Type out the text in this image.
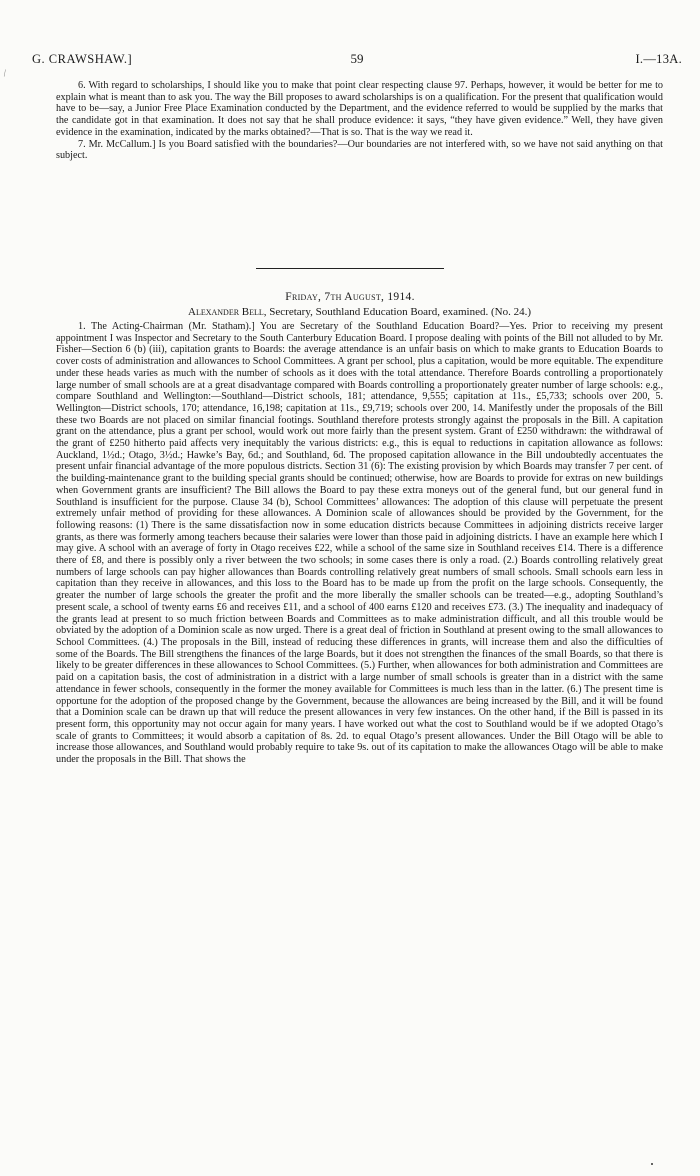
⁄
G. CRAWSHAW.]	59	I.—13A.

6. With regard to scholarships, I should like you to make that point clear respecting clause 97. Perhaps, however, it would be better for me to explain what is meant than to ask you. The way the Bill proposes to award scholarships is on a qualification. For the present that qualification would have to be—say, a Junior Free Place Examination conducted by the Department, and the evidence referred to would be supplied by the marks that the candidate got in that examination. It does not say that he shall produce evidence: it says, “they have given evidence.” Well, they have given evidence in the examination, indicated by the marks obtained?—That is so. That is the way we read it.

7. Mr. McCallum.] Is you Board satisfied with the boundaries?—Our boundaries are not interfered with, so we have not said anything on that subject.

Friday, 7th August, 1914.
Alexander Bell, Secretary, Southland Education Board, examined. (No. 24.)

1. The Acting-Chairman (Mr. Statham).] You are Secretary of the Southland Education Board?—Yes. Prior to receiving my present appointment I was Inspector and Secretary to the South Canterbury Education Board. I propose dealing with points of the Bill not alluded to by Mr. Fisher—Section 6 (b) (iii), capitation grants to Boards: the average attendance is an unfair basis on which to make grants to Education Boards to cover costs of administration and allowances to School Committees. A grant per school, plus a capitation, would be more equitable. The expenditure under these heads varies as much with the number of schools as it does with the total attendance. Therefore Boards controlling a proportionately large number of small schools are at a great disadvantage compared with Boards controlling a proportionately greater number of large schools: e.g., compare Southland and Wellington:—Southland—District schools, 181; attendance, 9,555; capitation at 11s., £5,733; schools over 200, 5. Wellington—District schools, 170; attendance, 16,198; capitation at 11s., £9,719; schools over 200, 14. Manifestly under the proposals of the Bill these two Boards are not placed on similar financial footings. Southland therefore protests strongly against the proposals in the Bill. A capitation grant on the attendance, plus a grant per school, would work out more fairly than the present system. Grant of £250 withdrawn: the withdrawal of the grant of £250 hitherto paid affects very inequitably the various districts: e.g., this is equal to reductions in capitation allowance as follows: Auckland, 1½d.; Otago, 3½d.; Hawke’s Bay, 6d.; and Southland, 6d. The proposed capitation allowance in the Bill undoubtedly accentuates the present unfair financial advantage of the more populous districts. Section 31 (6): The existing provision by which Boards may transfer 7 per cent. of the building-maintenance grant to the building special grants should be continued; otherwise, how are Boards to provide for extras on new buildings when Government grants are insufficient? The Bill allows the Board to pay these extra moneys out of the general fund, but our general fund in Southland is insufficient for the purpose. Clause 34 (b), School Committees’ allowances: The adoption of this clause will perpetuate the present extremely unfair method of providing for these allowances. A Dominion scale of allowances should be provided by the Government, for the following reasons: (1) There is the same dissatisfaction now in some education districts because Committees in adjoining districts receive larger grants, as there was formerly among teachers because their salaries were lower than those paid in adjoining districts. I have an example here which I may give. A school with an average of forty in Otago receives £22, while a school of the same size in Southland receives £14. There is a difference there of £8, and there is possibly only a river between the two schools; in some cases there is only a road. (2.) Boards controlling relatively great numbers of large schools can pay higher allowances than Boards controlling relatively great numbers of small schools. Small schools earn less in capitation than they receive in allowances, and this loss to the Board has to be made up from the profit on the large schools. Consequently, the greater the number of large schools the greater the profit and the more liberally the smaller schools can be treated—e.g., adopting Southland’s present scale, a school of twenty earns £6 and receives £11, and a school of 400 earns £120 and receives £73. (3.) The inequality and inadequacy of the grants lead at present to so much friction between Boards and Committees as to make administration difficult, and all this trouble would be obviated by the adoption of a Dominion scale as now urged. There is a great deal of friction in Southland at present owing to the small allowances to School Committees. (4.) The proposals in the Bill, instead of reducing these differences in grants, will increase them and also the difficulties of some of the Boards. The Bill strengthens the finances of the large Boards, but it does not strengthen the finances of the small Boards, so that there is likely to be greater differences in these allowances to School Committees. (5.) Further, when allowances for both administration and Committees are paid on a capitation basis, the cost of administration in a district with a large number of small schools is greater than in a district with the same attendance in fewer schools, consequently in the former the money available for Committees is much less than in the latter. (6.) The present time is opportune for the adoption of the proposed change by the Government, because the allowances are being increased by the Bill, and it will be found that a Dominion scale can be drawn up that will reduce the present allowances in very few instances. On the other hand, if the Bill is passed in its present form, this opportunity may not occur again for many years. I have worked out what the cost to Southland would be if we adopted Otago’s scale of grants to Committees; it would absorb a capitation of 8s. 2d. to equal Otago’s present allowances. Under the Bill Otago will be able to increase those allowances, and Southland would probably require to take 9s. out of its capitation to make the allowances Otago will be able to make under the proposals in the Bill. That shows the
